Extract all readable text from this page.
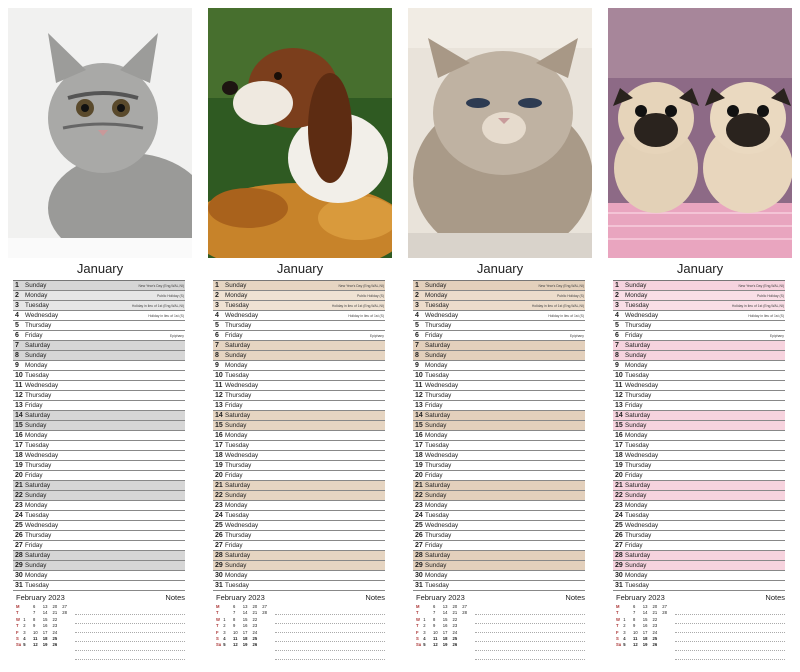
January
1 Sunday	New Year's Day (Eng,WAL,NI)
2 Monday	Public Holiday (S)
3 Tuesday	Holiday in lieu of 1st (Eng,WAL,NI)
4 Wednesday	Holiday in lieu of 1st (S)
5 Thursday
6 Friday	Epiphany
7 Saturday
8 Sunday
9 Monday
10 Tuesday
11 Wednesday
12 Thursday
13 Friday
14 Saturday
15 Sunday
16 Monday
17 Tuesday
18 Wednesday
19 Thursday
20 Friday
21 Saturday
22 Sunday
23 Monday
24 Tuesday
25 Wednesday
26 Thursday
27 Friday
28 Saturday
29 Sunday
30 Monday
31 Tuesday
February 2023	Notes
M		6	13	20	27
T		7	14	21	28
W	1	8	15	22	
T	2	9	16	23	
F	3	10	17	24	
S	4	11	18	25	
Su	5	12	19	26	
January
1 Sunday	New Year's Day (Eng,WAL,NI)
2 Monday	Public Holiday (S)
3 Tuesday	Holiday in lieu of 1st (Eng,WAL,NI)
4 Wednesday	Holiday in lieu of 1st (S)
5 Thursday
6 Friday	Epiphany
7 Saturday
8 Sunday
9 Monday
10 Tuesday
11 Wednesday
12 Thursday
13 Friday
14 Saturday
15 Sunday
16 Monday
17 Tuesday
18 Wednesday
19 Thursday
20 Friday
21 Saturday
22 Sunday
23 Monday
24 Tuesday
25 Wednesday
26 Thursday
27 Friday
28 Saturday
29 Sunday
30 Monday
31 Tuesday
February 2023	Notes
M		6	13	20	27
T		7	14	21	28
W	1	8	15	22	
T	2	9	16	23	
F	3	10	17	24	
S	4	11	18	25	
Su	5	12	19	26	
January
1 Sunday	New Year's Day (Eng,WAL,NI)
2 Monday	Public Holiday (S)
3 Tuesday	Holiday in lieu of 1st (Eng,WAL,NI)
4 Wednesday	Holiday in lieu of 1st (S)
5 Thursday
6 Friday	Epiphany
7 Saturday
8 Sunday
9 Monday
10 Tuesday
11 Wednesday
12 Thursday
13 Friday
14 Saturday
15 Sunday
16 Monday
17 Tuesday
18 Wednesday
19 Thursday
20 Friday
21 Saturday
22 Sunday
23 Monday
24 Tuesday
25 Wednesday
26 Thursday
27 Friday
28 Saturday
29 Sunday
30 Monday
31 Tuesday
February 2023	Notes
M		6	13	20	27
T		7	14	21	28
W	1	8	15	22	
T	2	9	16	23	
F	3	10	17	24	
S	4	11	18	25	
Su	5	12	19	26	
January
1 Sunday	New Year's Day (Eng,WAL,NI)
2 Monday	Public Holiday (S)
3 Tuesday	Holiday in lieu of 1st (Eng,WAL,NI)
4 Wednesday	Holiday in lieu of 1st (S)
5 Thursday
6 Friday	Epiphany
7 Saturday
8 Sunday
9 Monday
10 Tuesday
11 Wednesday
12 Thursday
13 Friday
14 Saturday
15 Sunday
16 Monday
17 Tuesday
18 Wednesday
19 Thursday
20 Friday
21 Saturday
22 Sunday
23 Monday
24 Tuesday
25 Wednesday
26 Thursday
27 Friday
28 Saturday
29 Sunday
30 Monday
31 Tuesday
February 2023	Notes
M		6	13	20	27
T		7	14	21	28
W	1	8	15	22	
T	2	9	16	23	
F	3	10	17	24	
S	4	11	18	25	
Su	5	12	19	26	
